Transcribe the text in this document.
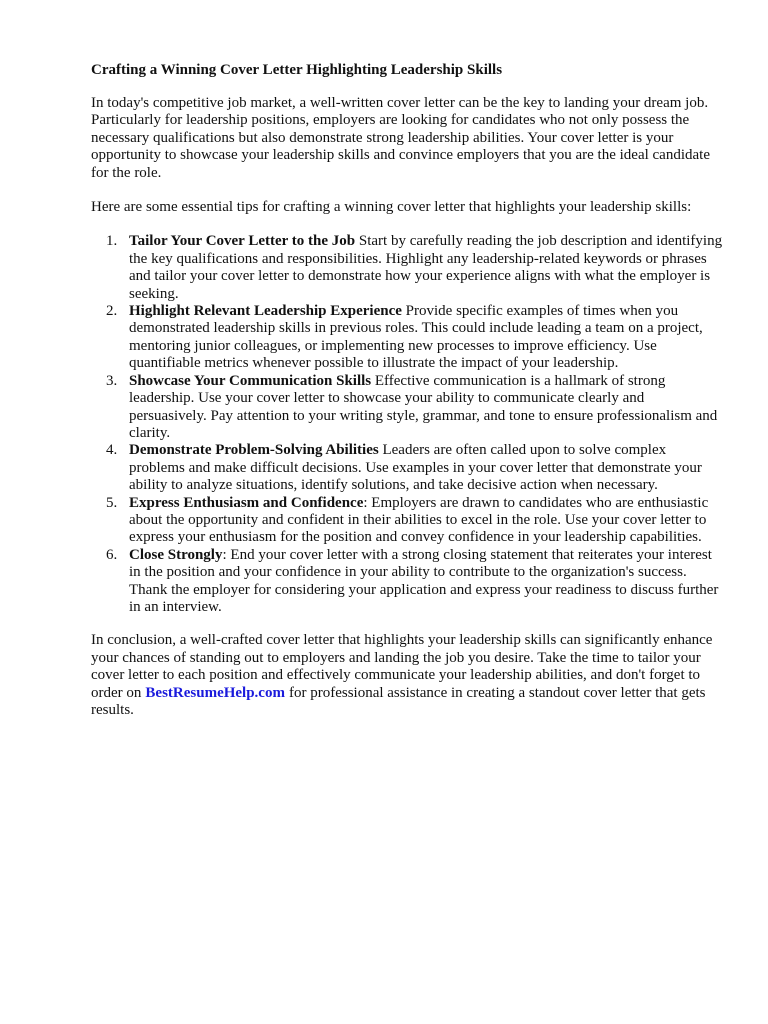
Crafting a Winning Cover Letter Highlighting Leadership Skills

In today's competitive job market, a well-written cover letter can be the key to landing your dream job. Particularly for leadership positions, employers are looking for candidates who not only possess the necessary qualifications but also demonstrate strong leadership abilities. Your cover letter is your opportunity to showcase your leadership skills and convince employers that you are the ideal candidate for the role.

Here are some essential tips for crafting a winning cover letter that highlights your leadership skills:

1. Tailor Your Cover Letter to the Job Start by carefully reading the job description and identifying the key qualifications and responsibilities. Highlight any leadership-related keywords or phrases and tailor your cover letter to demonstrate how your experience aligns with what the employer is seeking.
2. Highlight Relevant Leadership Experience Provide specific examples of times when you demonstrated leadership skills in previous roles. This could include leading a team on a project, mentoring junior colleagues, or implementing new processes to improve efficiency. Use quantifiable metrics whenever possible to illustrate the impact of your leadership.
3. Showcase Your Communication Skills Effective communication is a hallmark of strong leadership. Use your cover letter to showcase your ability to communicate clearly and persuasively. Pay attention to your writing style, grammar, and tone to ensure professionalism and clarity.
4. Demonstrate Problem-Solving Abilities Leaders are often called upon to solve complex problems and make difficult decisions. Use examples in your cover letter that demonstrate your ability to analyze situations, identify solutions, and take decisive action when necessary.
5. Express Enthusiasm and Confidence: Employers are drawn to candidates who are enthusiastic about the opportunity and confident in their abilities to excel in the role. Use your cover letter to express your enthusiasm for the position and convey confidence in your leadership capabilities.
6. Close Strongly: End your cover letter with a strong closing statement that reiterates your interest in the position and your confidence in your ability to contribute to the organization's success. Thank the employer for considering your application and express your readiness to discuss further in an interview.

In conclusion, a well-crafted cover letter that highlights your leadership skills can significantly enhance your chances of standing out to employers and landing the job you desire. Take the time to tailor your cover letter to each position and effectively communicate your leadership abilities, and don't forget to order on BestResumeHelp.com for professional assistance in creating a standout cover letter that gets results.
